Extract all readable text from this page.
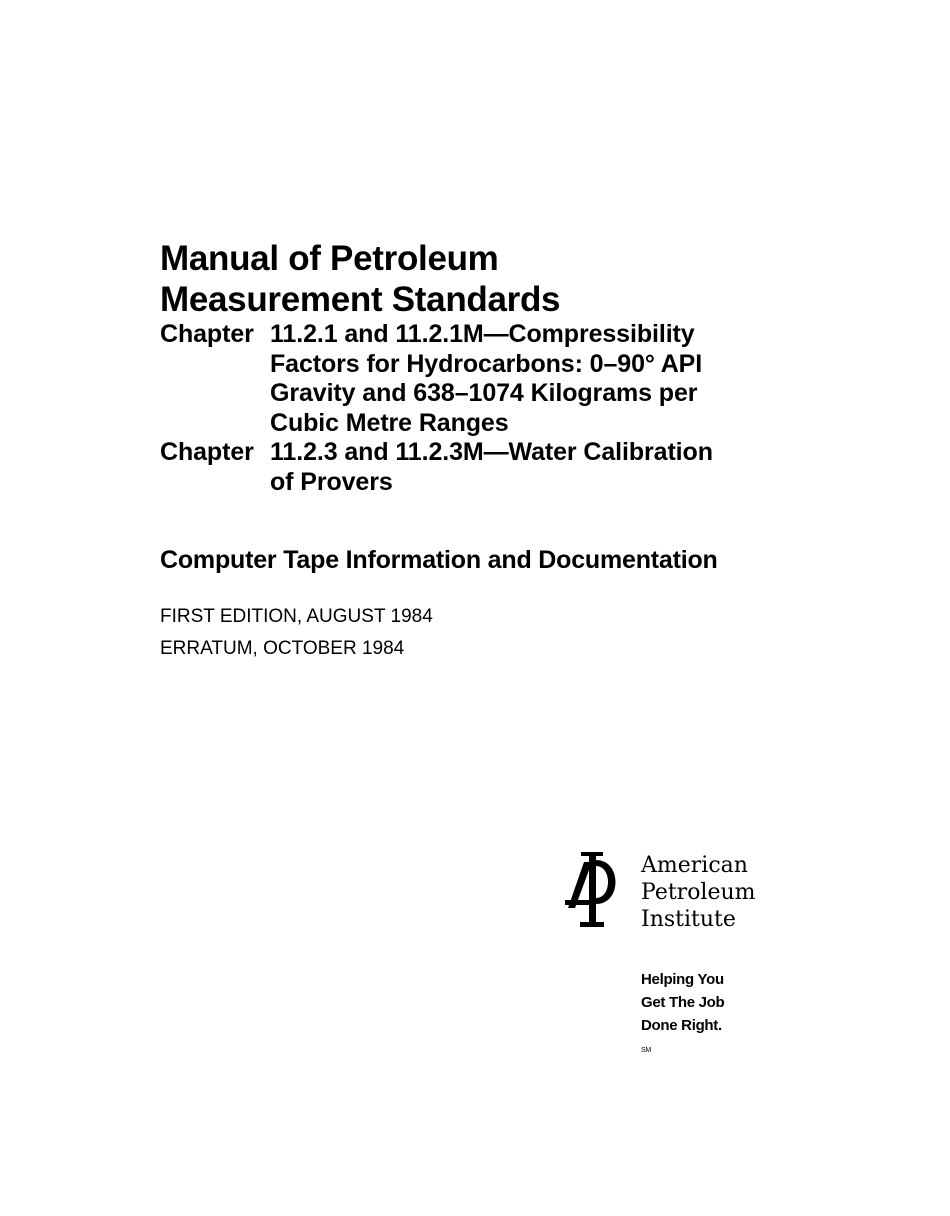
Manual of Petroleum
Measurement Standards
Chapter 11.2.1 and 11.2.1M—Compressibility
Factors for Hydrocarbons: 0–90° API
Gravity and 638–1074 Kilograms per
Cubic Metre Ranges
Chapter 11.2.3 and 11.2.3M—Water Calibration
of Provers
Computer Tape Information and Documentation
FIRST EDITION, AUGUST 1984
ERRATUM, OCTOBER 1984
American
Petroleum
Institute
Helping You
Get The Job
Done Right.
SM
